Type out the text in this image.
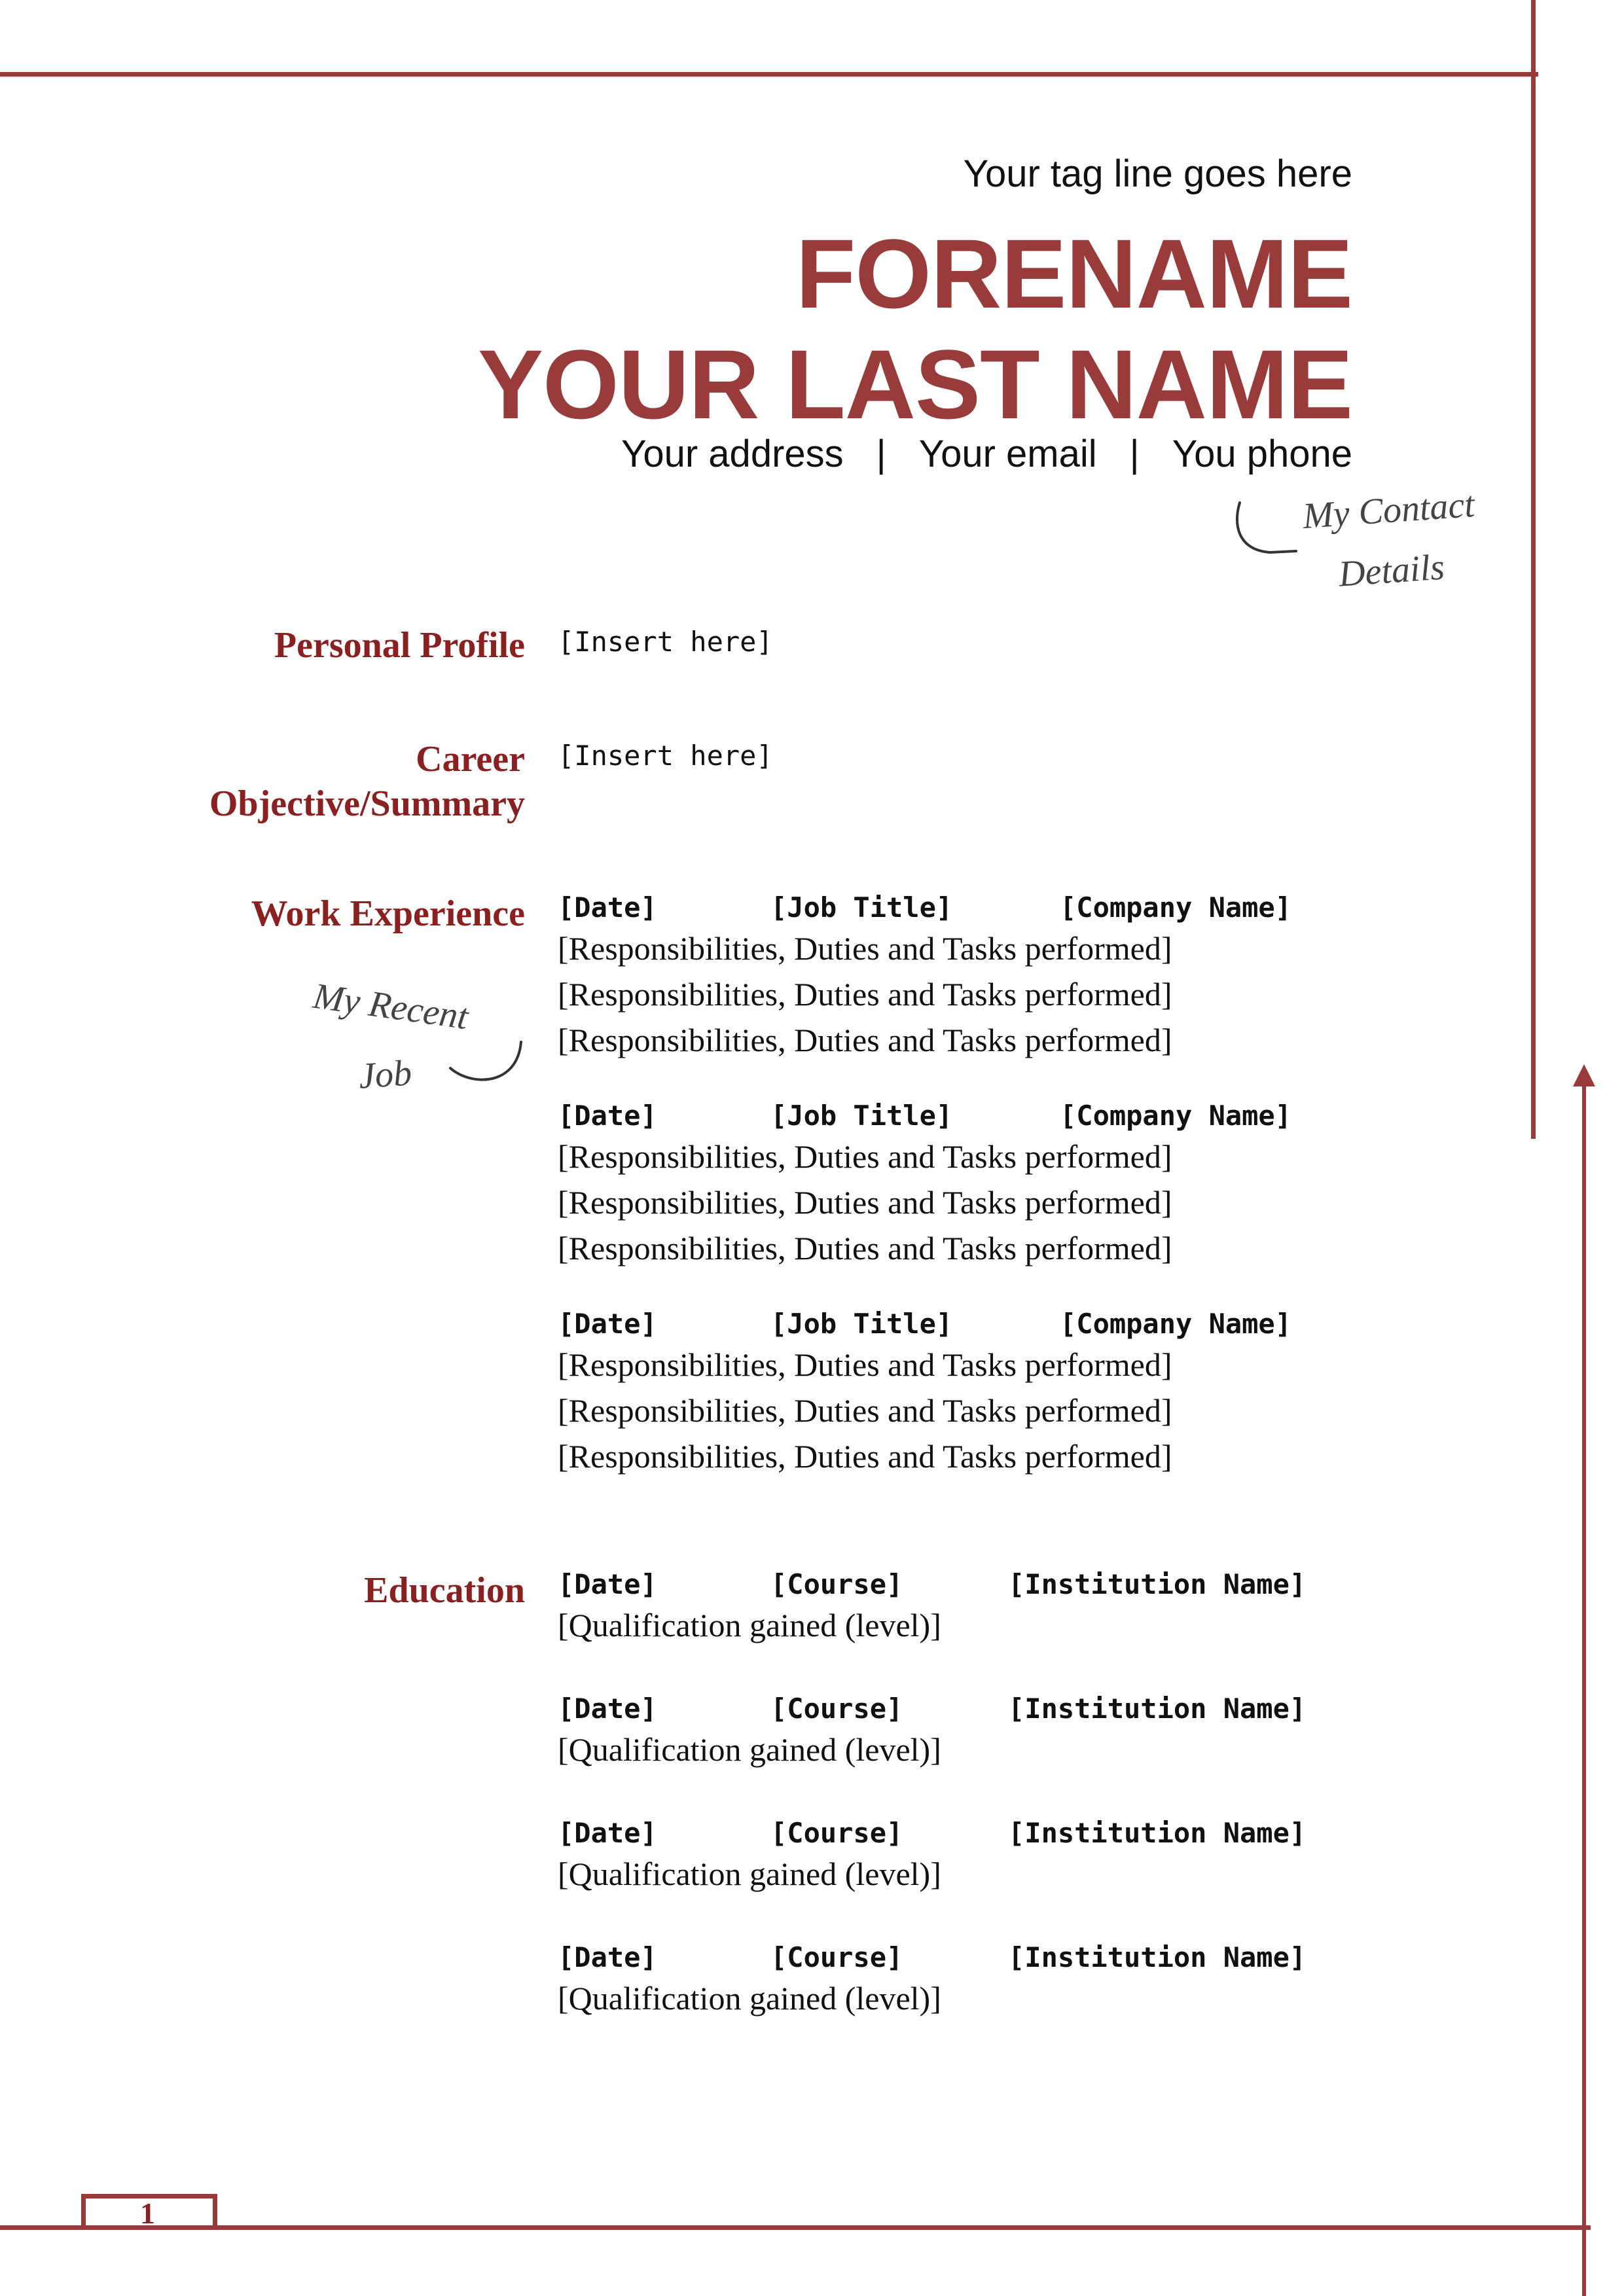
1
Your tag line goes here
FORENAME
YOUR LAST NAME
Your address | Your email | You phone
My Contact
Details
Personal Profile [Insert here]
Career
Objective/Summary
[Insert here]
Work Experience
My Recent
Job
[Date]	[Job Title]	[Company Name]
[Responsibilities, Duties and Tasks performed]
[Responsibilities, Duties and Tasks performed]
[Responsibilities, Duties and Tasks performed]
[Date]	[Job Title]	[Company Name]
[Responsibilities, Duties and Tasks performed]
[Responsibilities, Duties and Tasks performed]
[Responsibilities, Duties and Tasks performed]
[Date]	[Job Title]	[Company Name]
[Responsibilities, Duties and Tasks performed]
[Responsibilities, Duties and Tasks performed]
[Responsibilities, Duties and Tasks performed]
Education [Date]	[Course]	[Institution Name]
[Qualification gained (level)]
[Date]	[Course]	[Institution Name]
[Qualification gained (level)]
[Date]	[Course]	[Institution Name]
[Qualification gained (level)]
[Date]	[Course]	[Institution Name]
[Qualification gained (level)]
